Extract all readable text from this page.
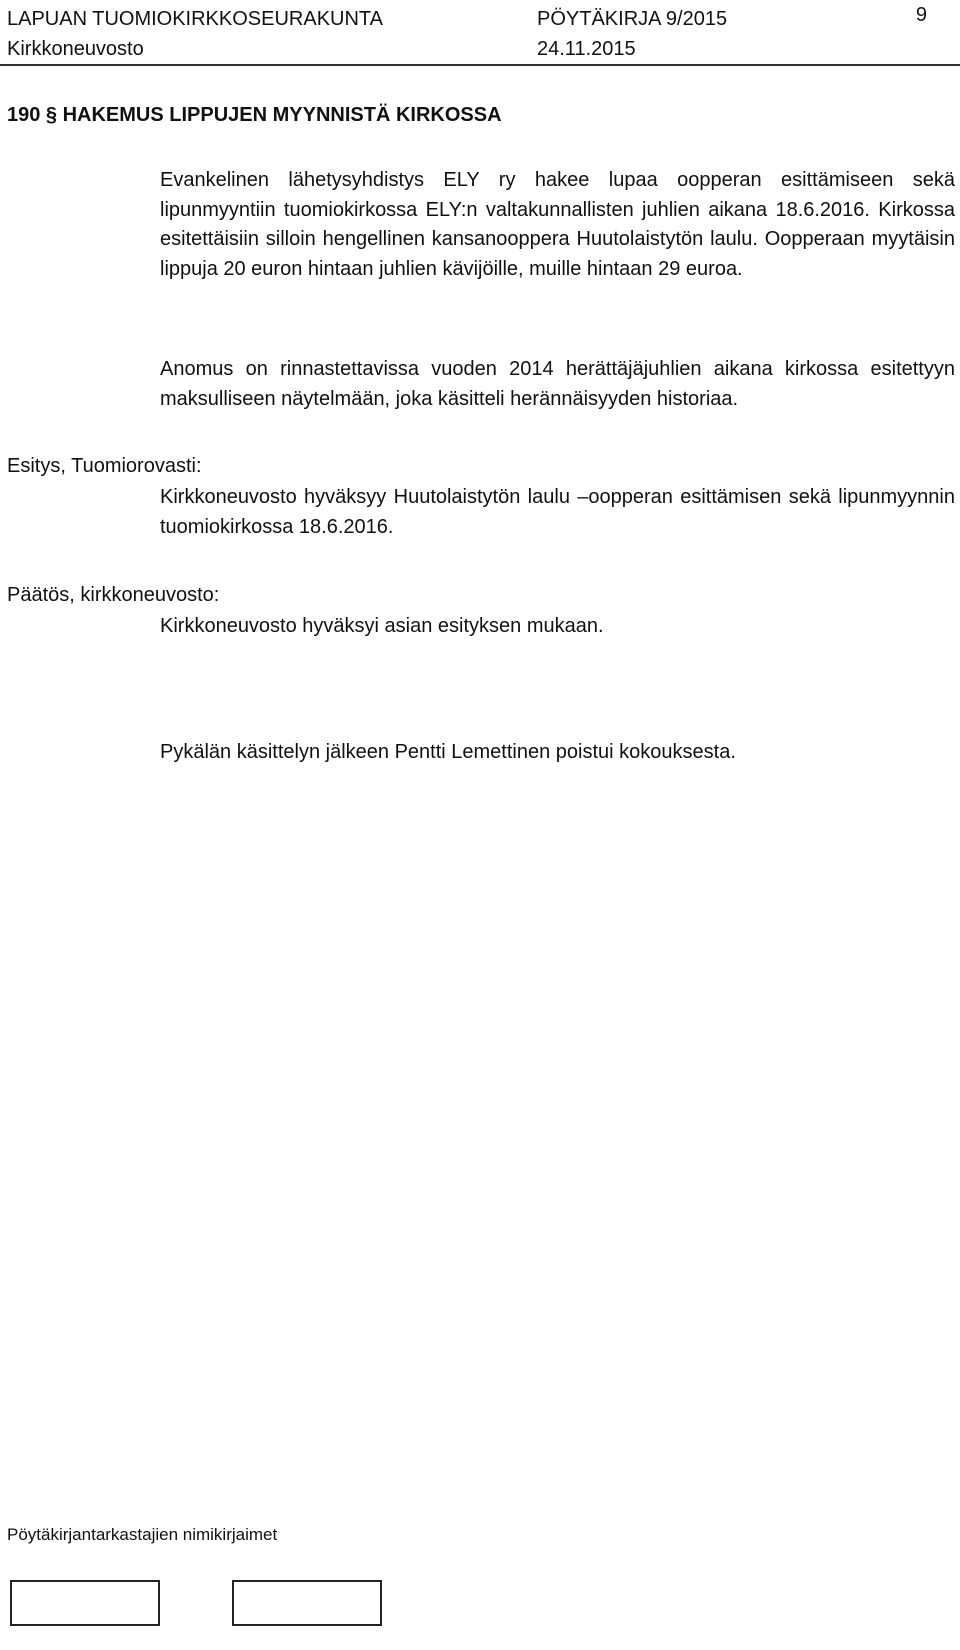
LAPUAN TUOMIOKIRKKOSEURAKUNTA
Kirkkoneuvosto
PÖYTÄKIRJA 9/2015
24.11.2015
9
190 § HAKEMUS LIPPUJEN MYYNNISTÄ KIRKOSSA

Evankelinen lähetysyhdistys ELY ry hakee lupaa oopperan esittämiseen sekä lipunmyyntiin tuomiokirkossa ELY:n valtakunnallisten juhlien aikana 18.6.2016. Kirkossa esitettäisiin silloin hengellinen kansanooppera Huutolaistytön laulu. Oopperaan myytäisin lippuja 20 euron hintaan juhlien kävijöille, muille hintaan 29 euroa.

Anomus on rinnastettavissa vuoden 2014 herättäjäjuhlien aikana kirkossa esitettyyn maksulliseen näytelmään, joka käsitteli herännäisyyden historiaa.

Esitys, Tuomiorovasti:

Kirkkoneuvosto hyväksyy Huutolaistytön laulu –oopperan esittämisen sekä lipunmyynnin tuomiokirkossa 18.6.2016.

Päätös, kirkkoneuvosto:

Kirkkoneuvosto hyväksyi asian esityksen mukaan.

Pykälän käsittelyn jälkeen Pentti Lemettinen poistui kokouksesta.

Pöytäkirjantarkastajien nimikirjaimet
